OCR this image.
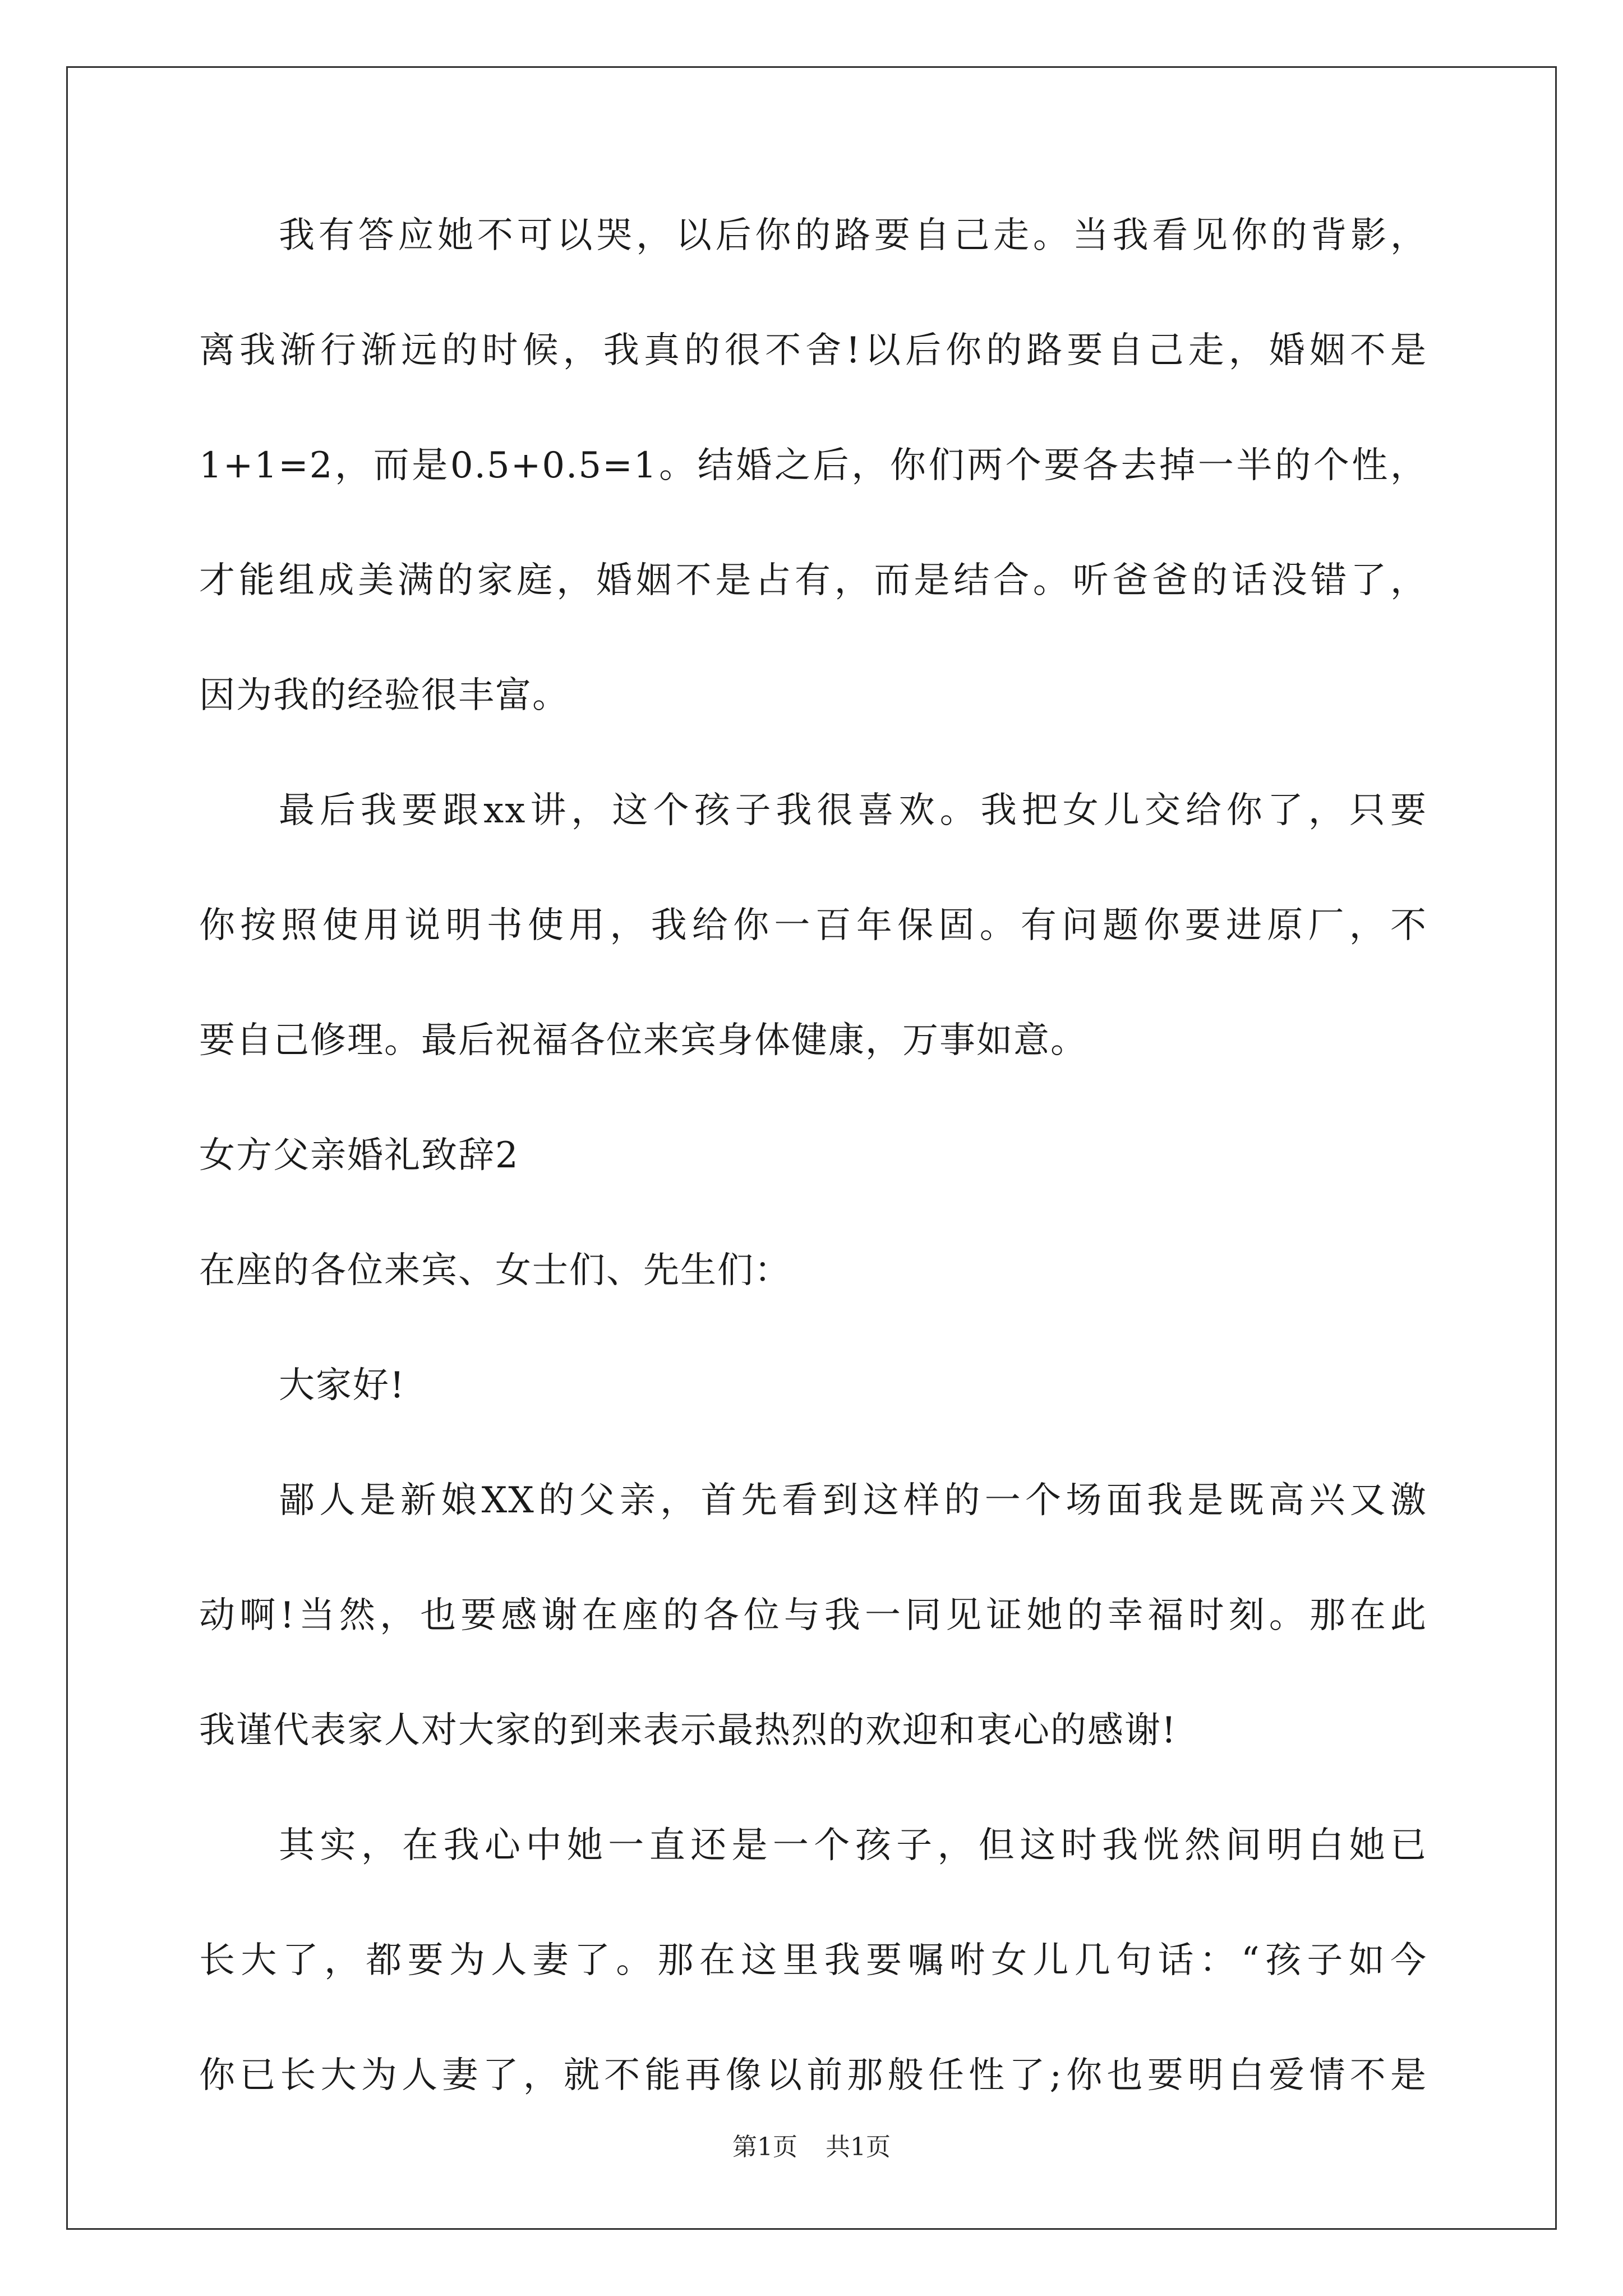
我有答应她不可以哭，以后你的路要自己走。当我看见你的背影，
离我渐行渐远的时候，我真的很不舍!以后你的路要自己走，婚姻不是
1+1=2，而是0.5+0.5=1。结婚之后，你们两个要各去掉一半的个性，
才能组成美满的家庭，婚姻不是占有，而是结合。听爸爸的话没错了，
因为我的经验很丰富。
最后我要跟xx讲，这个孩子我很喜欢。我把女儿交给你了，只要
你按照使用说明书使用，我给你一百年保固。有问题你要进原厂，不
要自己修理。最后祝福各位来宾身体健康，万事如意。
女方父亲婚礼致辞2
在座的各位来宾、女士们、先生们：
大家好!
鄙人是新娘XX的父亲，首先看到这样的一个场面我是既高兴又激
动啊!当然，也要感谢在座的各位与我一同见证她的幸福时刻。那在此
我谨代表家人对大家的到来表示最热烈的欢迎和衷心的感谢!
其实，在我心中她一直还是一个孩子，但这时我恍然间明白她已
长大了，都要为人妻了。那在这里我要嘱咐女儿几句话：“孩子如今
你已长大为人妻了，就不能再像以前那般任性了;你也要明白爱情不是
第1页 共1页
